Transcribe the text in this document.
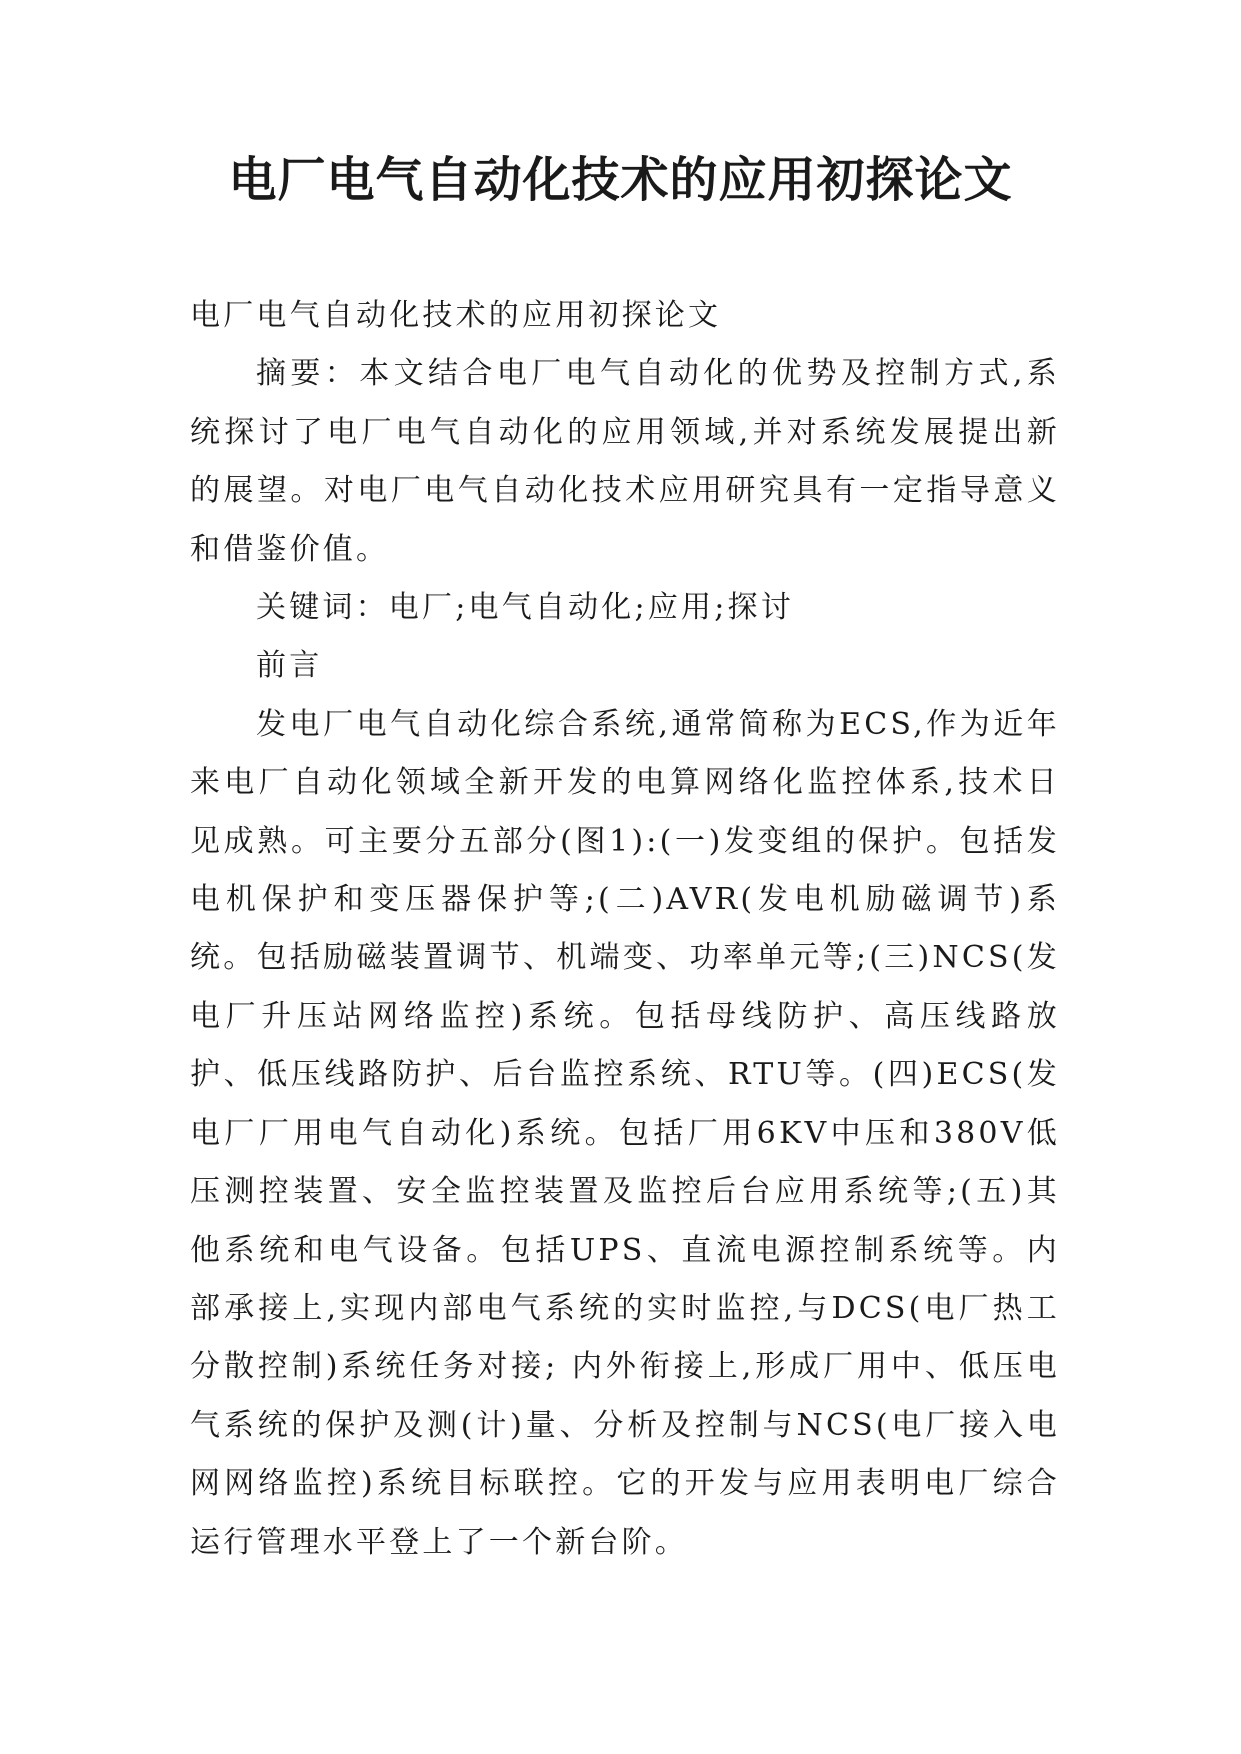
电厂电气自动化技术的应用初探论文

电厂电气自动化技术的应用初探论文

摘要：本文结合电厂电气自动化的优势及控制方式,系统探讨了电厂电气自动化的应用领域,并对系统发展提出新的展望。对电厂电气自动化技术应用研究具有一定指导意义和借鉴价值。

关键词：电厂;电气自动化;应用;探讨

前言

发电厂电气自动化综合系统,通常简称为ECS,作为近年来电厂自动化领域全新开发的电算网络化监控体系,技术日见成熟。可主要分五部分(图1):(一)发变组的保护。包括发电机保护和变压器保护等;(二)AVR(发电机励磁调节)系统。包括励磁装置调节、机端变、功率单元等;(三)NCS(发电厂升压站网络监控)系统。包括母线防护、高压线路放护、低压线路防护、后台监控系统、RTU等。(四)ECS(发电厂厂用电气自动化)系统。包括厂用6KV中压和380V低压测控装置、安全监控装置及监控后台应用系统等;(五)其他系统和电气设备。包括UPS、直流电源控制系统等。内部承接上,实现内部电气系统的实时监控,与DCS(电厂热工分散控制)系统任务对接; 内外衔接上,形成厂用中、低压电气系统的保护及测(计)量、分析及控制与NCS(电厂接入电网网络监控)系统目标联控。它的开发与应用表明电厂综合运行管理水平登上了一个新台阶。
